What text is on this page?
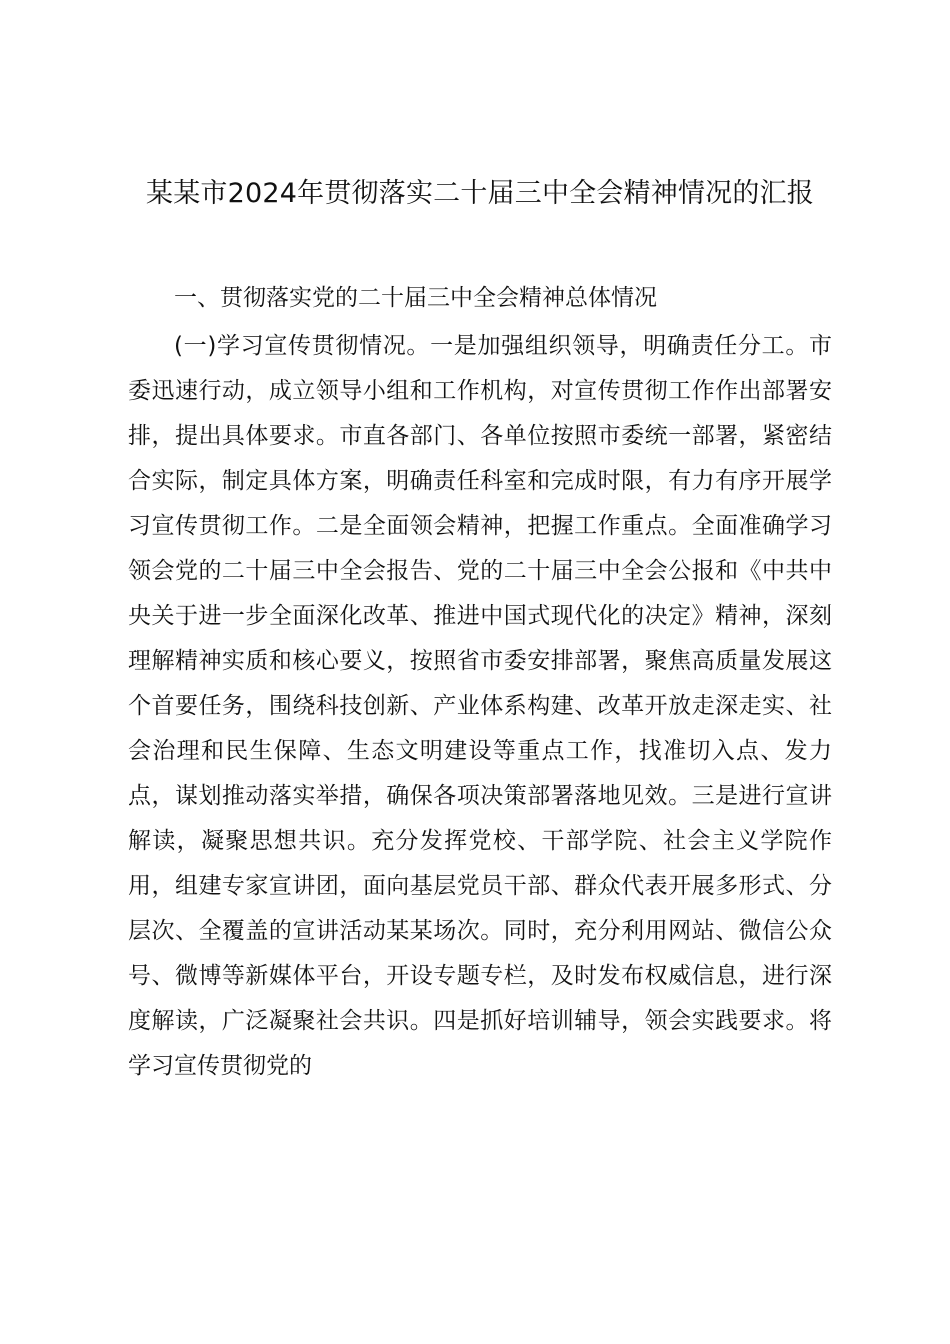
某某市2024年贯彻落实二十届三中全会精神情况的汇报
一、贯彻落实党的二十届三中全会精神总体情况

(一)学习宣传贯彻情况。一是加强组织领导，明确责任分工。市委迅速行动，成立领导小组和工作机构，对宣传贯彻工作作出部署安排，提出具体要求。市直各部门、各单位按照市委统一部署，紧密结合实际，制定具体方案，明确责任科室和完成时限，有力有序开展学习宣传贯彻工作。二是全面领会精神，把握工作重点。全面准确学习领会党的二十届三中全会报告、党的二十届三中全会公报和《中共中央关于进一步全面深化改革、推进中国式现代化的决定》精神，深刻理解精神实质和核心要义，按照省市委安排部署，聚焦高质量发展这个首要任务，围绕科技创新、产业体系构建、改革开放走深走实、社会治理和民生保障、生态文明建设等重点工作，找准切入点、发力点，谋划推动落实举措，确保各项决策部署落地见效。三是进行宣讲解读，凝聚思想共识。充分发挥党校、干部学院、社会主义学院作用，组建专家宣讲团，面向基层党员干部、群众代表开展多形式、分层次、全覆盖的宣讲活动某某场次。同时，充分利用网站、微信公众号、微博等新媒体平台，开设专题专栏，及时发布权威信息，进行深度解读，广泛凝聚社会共识。四是抓好培训辅导，领会实践要求。将学习宣传贯彻党的
